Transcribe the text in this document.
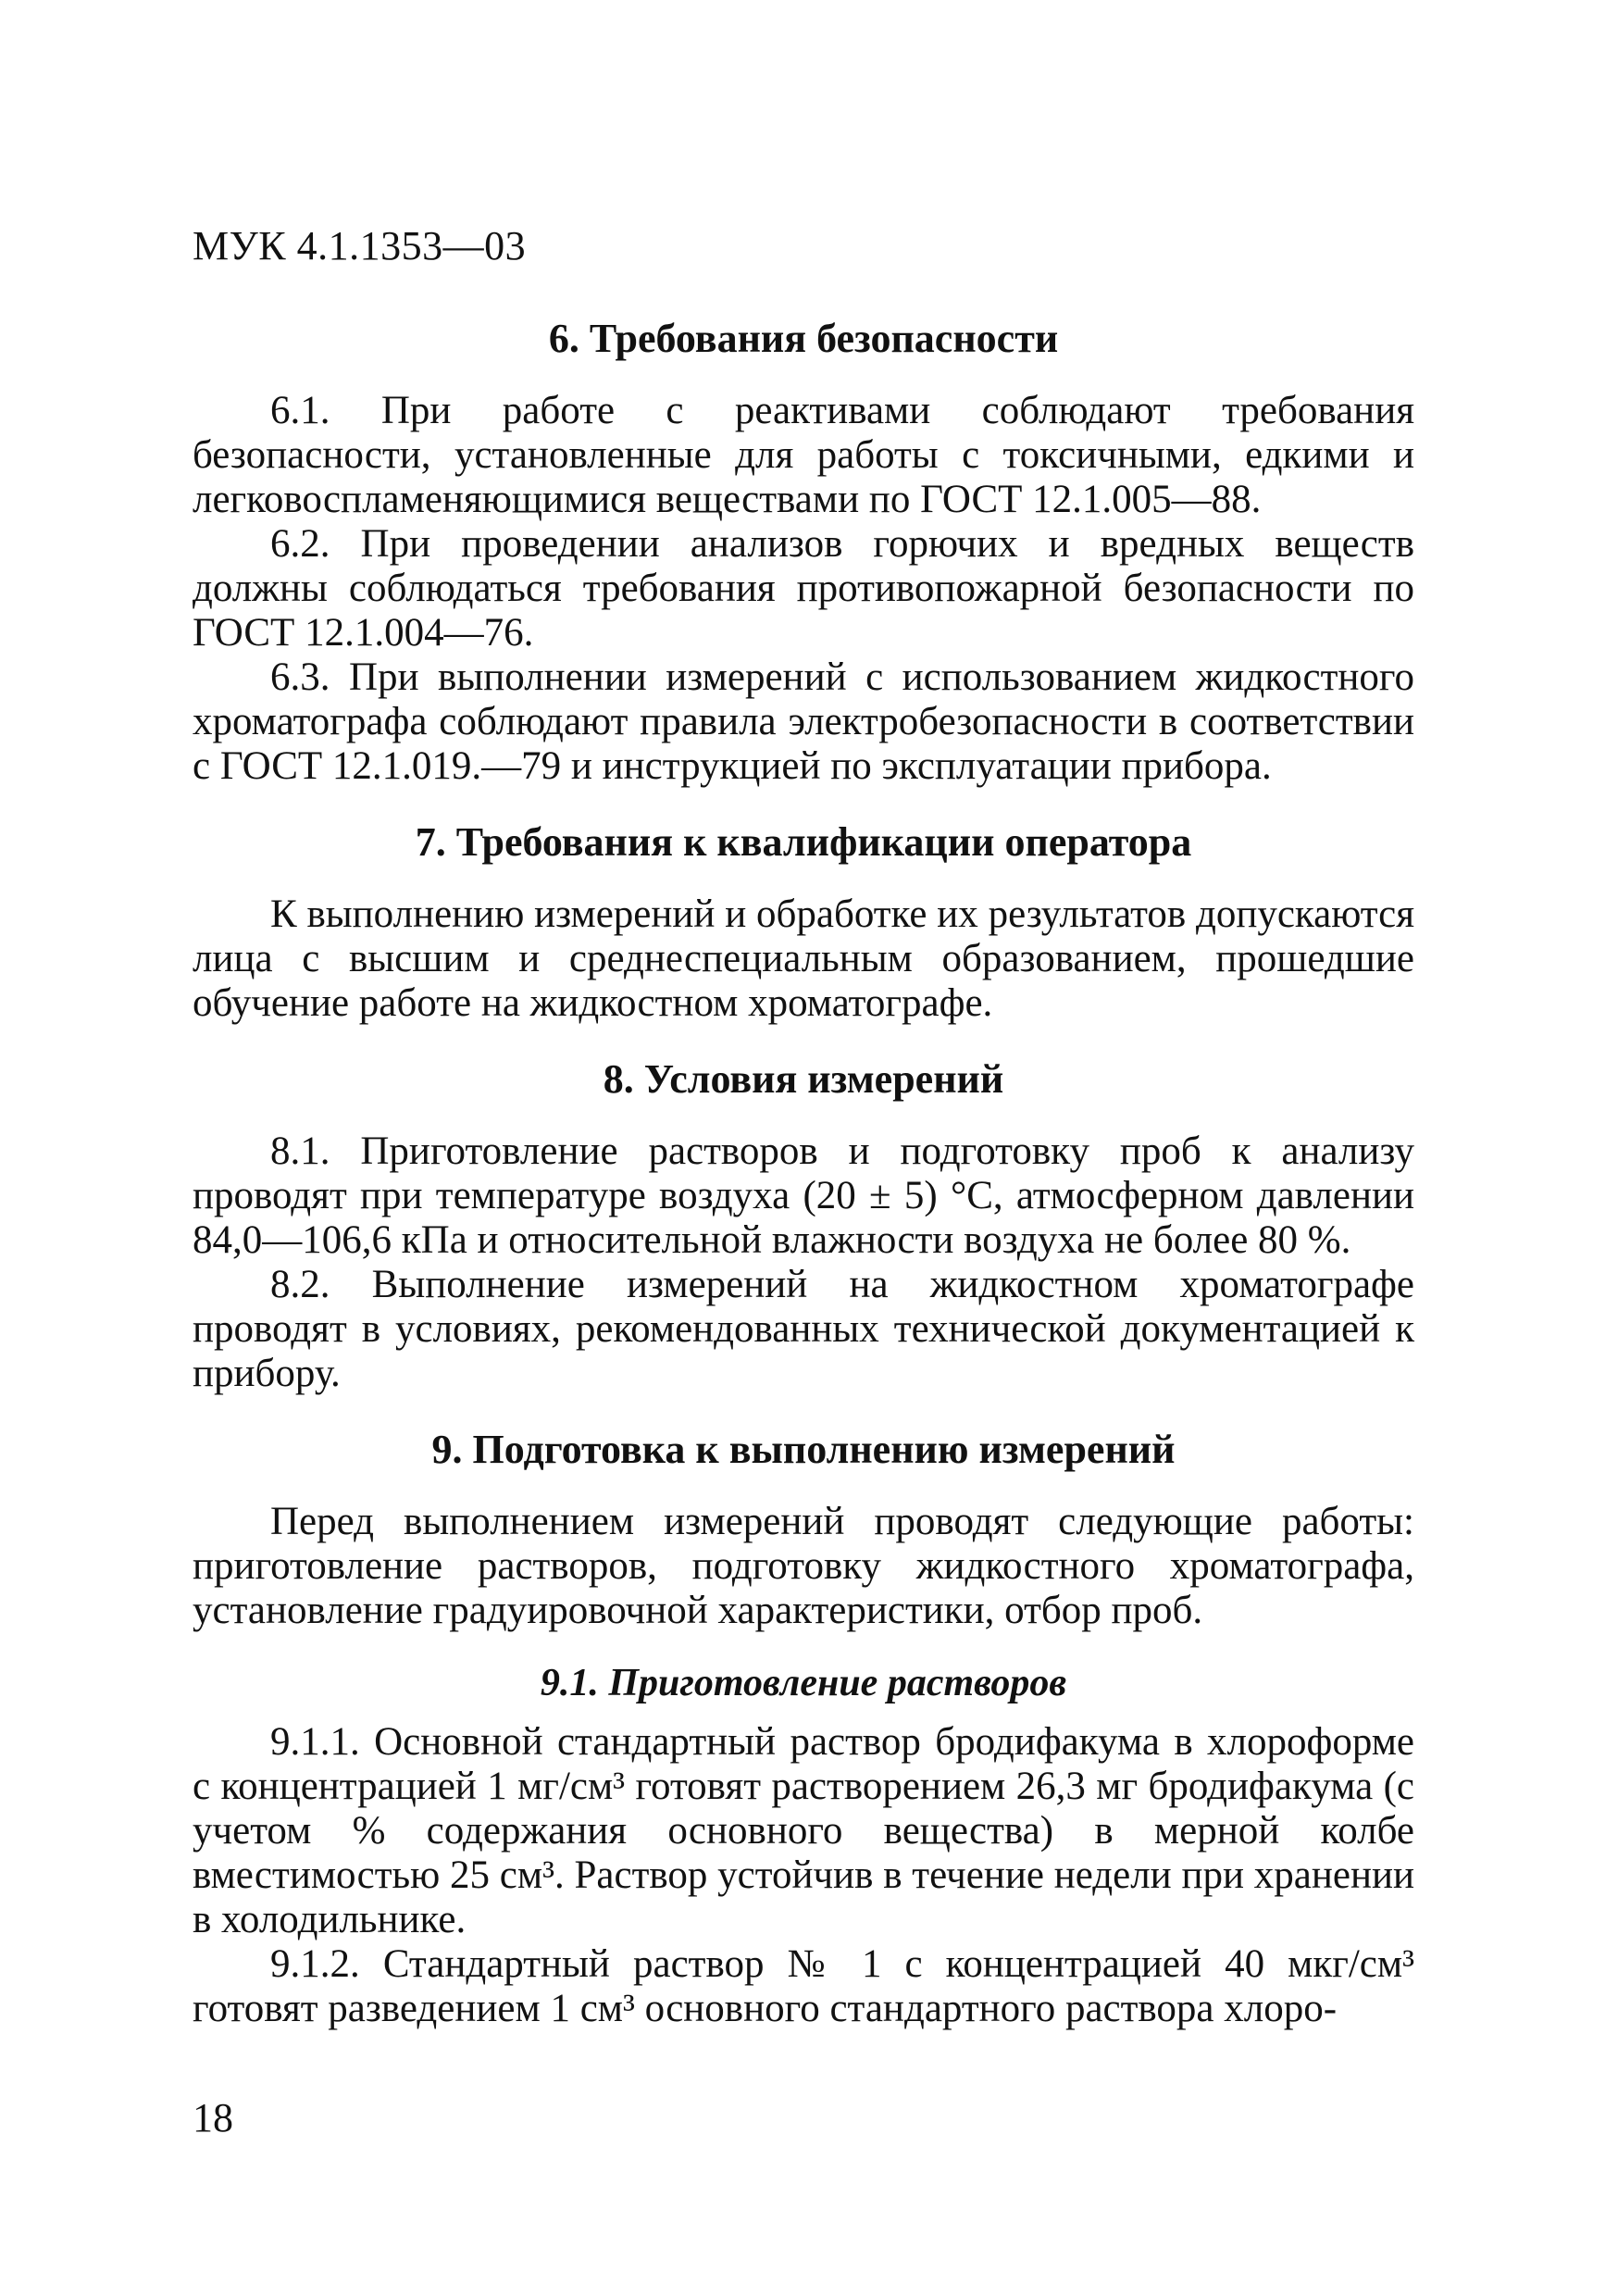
МУК 4.1.1353—03
6. Требования безопасности

6.1. При работе с реактивами соблюдают требования безопасности, установленные для работы с токсичными, едкими и легковоспламеняющимися веществами по ГОСТ 12.1.005—88.

6.2. При проведении анализов горючих и вредных веществ должны соблюдаться требования противопожарной безопасности по ГОСТ 12.1.004—76.

6.3. При выполнении измерений с использованием жидкостного хроматографа соблюдают правила электробезопасности в соответствии с ГОСТ 12.1.019.—79 и инструкцией по эксплуатации прибора.

7. Требования к квалификации оператора

К выполнению измерений и обработке их результатов допускаются лица с высшим и среднеспециальным образованием, прошедшие обучение работе на жидкостном хроматографе.

8. Условия измерений

8.1. Приготовление растворов и подготовку проб к анализу проводят при температуре воздуха (20 ± 5) °С, атмосферном давлении 84,0—106,6 кПа и относительной влажности воздуха не более 80 %.

8.2. Выполнение измерений на жидкостном хроматографе проводят в условиях, рекомендованных технической документацией к прибору.

9. Подготовка к выполнению измерений

Перед выполнением измерений проводят следующие работы: приготовление растворов, подготовку жидкостного хроматографа, установление градуировочной характеристики, отбор проб.

9.1. Приготовление растворов

9.1.1. Основной стандартный раствор бродифакума в хлороформе с концентрацией 1 мг/см³ готовят растворением 26,3 мг бродифакума (с учетом % содержания основного вещества) в мерной колбе вместимостью 25 см³. Раствор устойчив в течение недели при хранении в холодильнике.

9.1.2. Стандартный раствор № 1 с концентрацией 40 мкг/см³ готовят разведением 1 см³ основного стандартного раствора хлоро-

18
